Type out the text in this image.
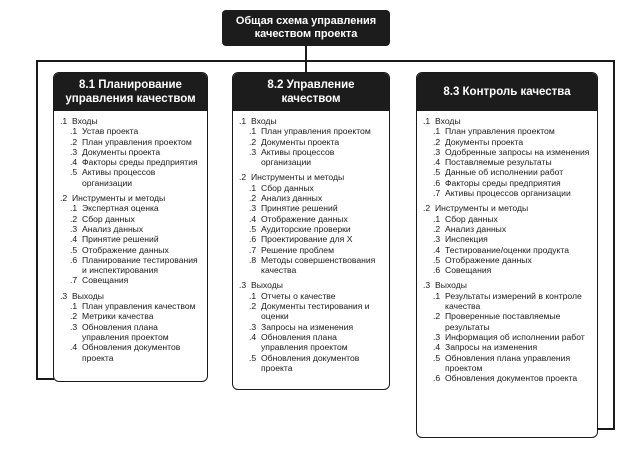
Общая схема управления
качеством проекта
8.1 Планирование
управления качеством
.1 Входы
.1 Устав проекта
.2 План управления проектом
.3 Документы проекта
.4 Факторы среды предприятия
.5 Активы процессов организации
.2 Инструменты и методы
.1 Экспертная оценка
.2 Сбор данных
.3 Анализ данных
.4 Принятие решений
.5 Отображение данных
.6 Планирование тестирования и инспектирования
.7 Совещания
.3 Выходы
.1 План управления качеством
.2 Метрики качества
.3 Обновления плана управления проектом
.4 Обновления документов проекта
8.2 Управление
качеством
.1 Входы
.1 План управления проектом
.2 Документы проекта
.3 Активы процессов организации
.2 Инструменты и методы
.1 Сбор данных
.2 Анализ данных
.3 Принятие решений
.4 Отображение данных
.5 Аудиторские проверки
.6 Проектирование для X
.7 Решение проблем
.8 Методы совершенствования качества
.3 Выходы
.1 Отчеты о качестве
.2 Документы тестирования и оценки
.3 Запросы на изменения
.4 Обновления плана управления проектом
.5 Обновления документов проекта
8.3 Контроль качества
.1 Входы
.1 План управления проектом
.2 Документы проекта
.3 Одобренные запросы на изменения
.4 Поставляемые результаты
.5 Данные об исполнении работ
.6 Факторы среды предприятия
.7 Активы процессов организации
.2 Инструменты и методы
.1 Сбор данных
.2 Анализ данных
.3 Инспекция
.4 Тестирование/оценки продукта
.5 Отображение данных
.6 Совещания
.3 Выходы
.1 Результаты измерений в контроле качества
.2 Проверенные поставляемые результаты
.3 Информация об исполнении работ
.4 Запросы на изменения
.5 Обновления плана управления проектом
.6 Обновления документов проекта
